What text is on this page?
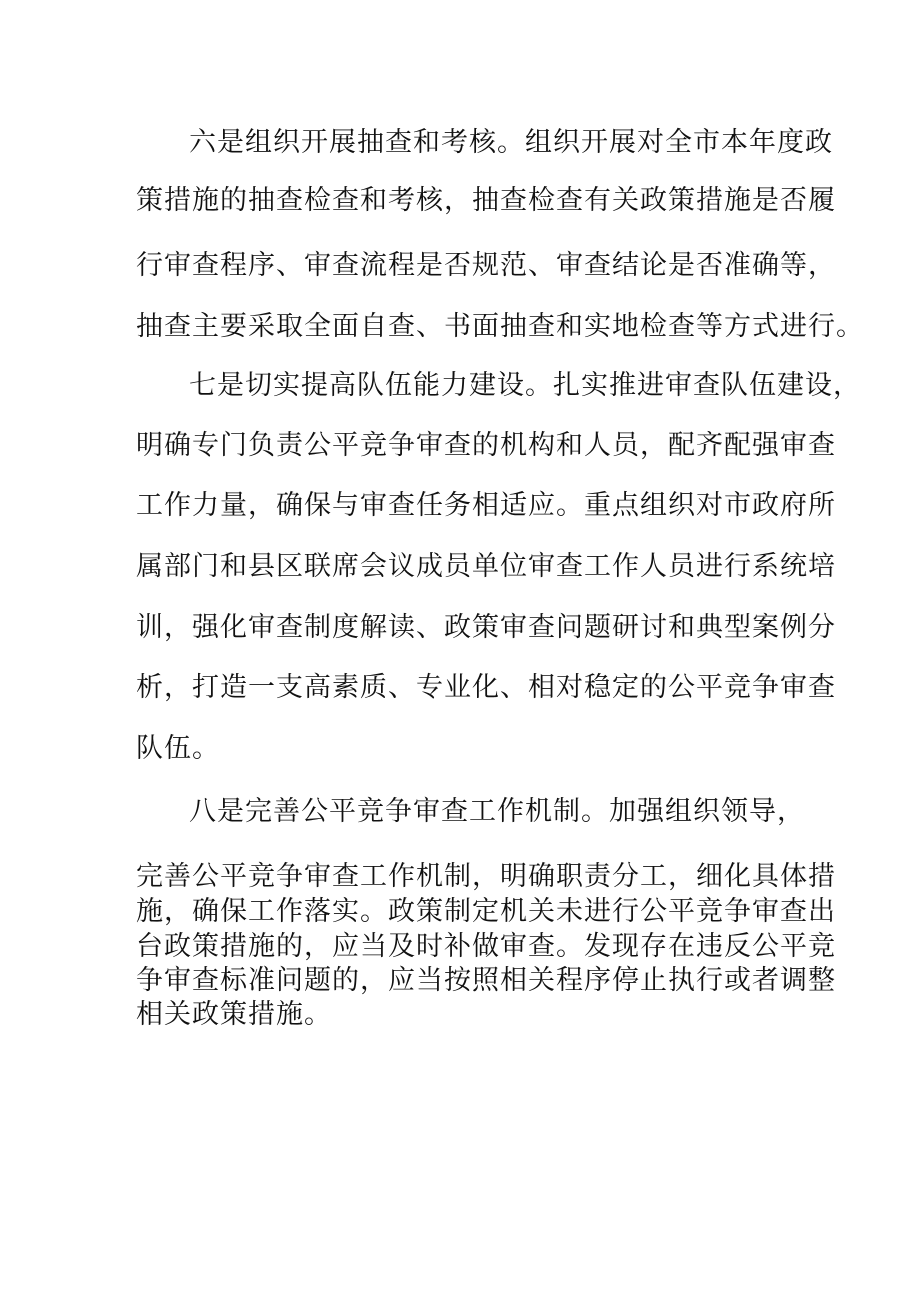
六是组织开展抽查和考核。组织开展对全市本年度政
策措施的抽查检查和考核，抽查检查有关政策措施是否履
行审查程序、审查流程是否规范、审查结论是否准确等，
抽查主要采取全面自查、书面抽查和实地检查等方式进行。
七是切实提高队伍能力建设。扎实推进审查队伍建设，
明确专门负责公平竞争审查的机构和人员，配齐配强审查
工作力量，确保与审查任务相适应。重点组织对市政府所
属部门和县区联席会议成员单位审查工作人员进行系统培
训，强化审查制度解读、政策审查问题研讨和典型案例分
析，打造一支高素质、专业化、相对稳定的公平竞争审查
队伍。
八是完善公平竞争审查工作机制。加强组织领导，
完善公平竞争审查工作机制，明确职责分工，细化具体措
施，确保工作落实。政策制定机关未进行公平竞争审查出
台政策措施的，应当及时补做审查。发现存在违反公平竞
争审查标准问题的，应当按照相关程序停止执行或者调整
相关政策措施。
